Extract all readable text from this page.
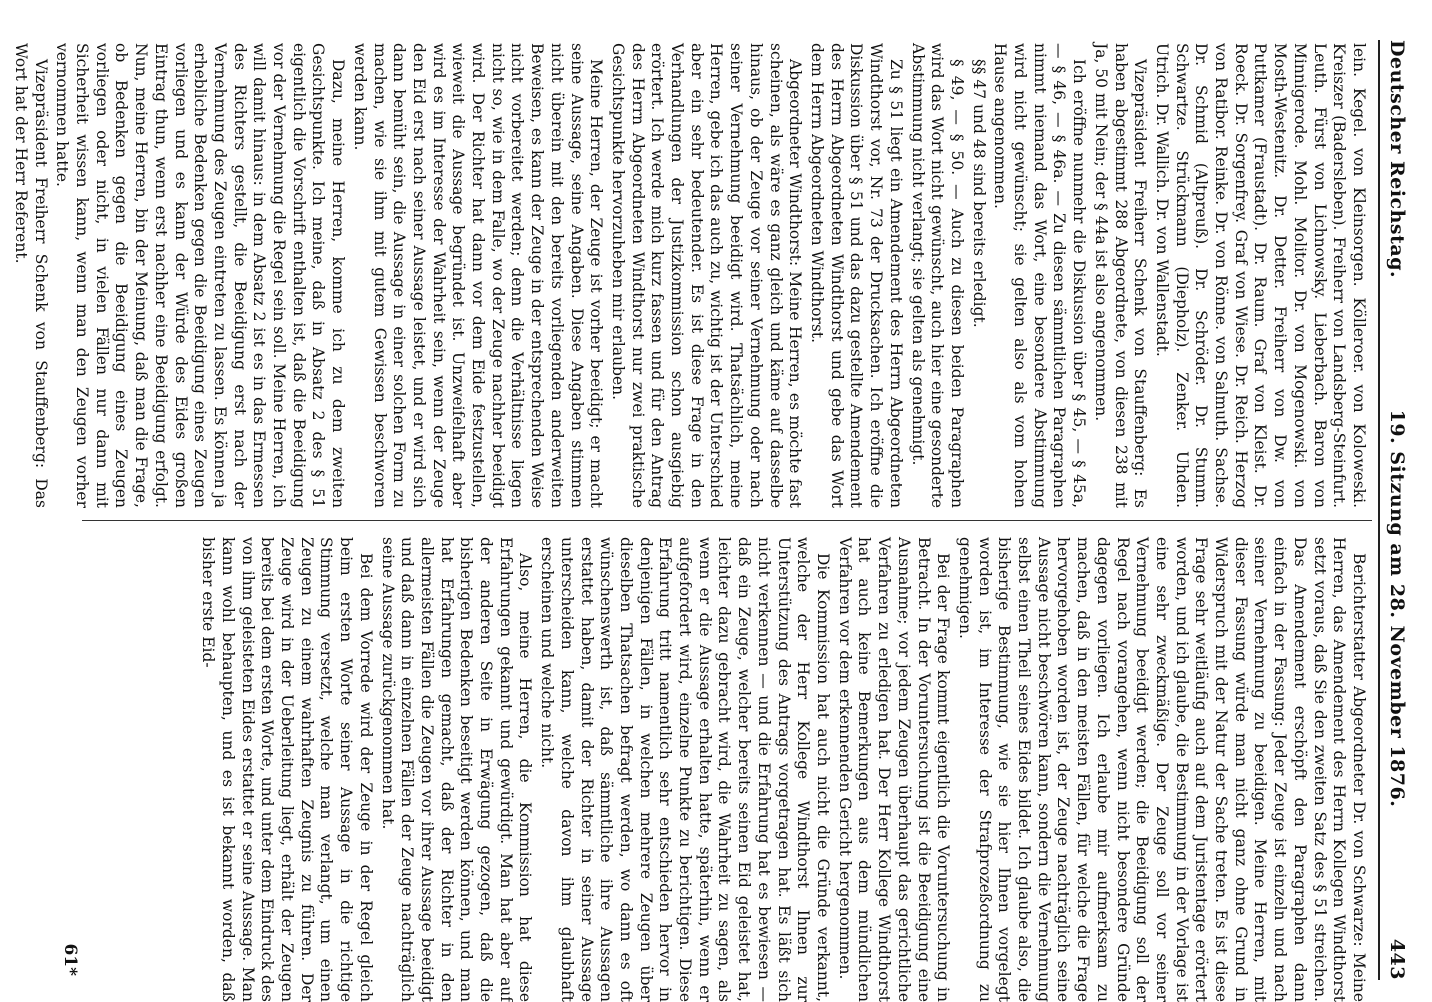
Deutscher Reichstag.
19. Sitzung am 28. November 1876.
443

lein. Kegel. von Kleinsorgen. Kölleroer. von Koloweski. Kreiszer (Badersleben). Freiherr von Landsberg-Steinfurt. Leuth. Fürst von Lichnowsky. Lieberbach. Baron von Minnigerode. Mohl. Molitor. Dr. von Mogenowski. von Mosth-Westenitz. Dr. Detter. Freiherr von Dw. von Puttkamer (Fraustadt). Dr. Raum. Graf von Kleist. Dr. Roeck. Dr. Sorgenfrey. Graf von Wiese. Dr. Reich. Herzog von Ratibor. Reinke. Dr. von Rönne. von Salmuth. Sachse. Dr. Schmid (Altpreuß). Dr. Schröder. Dr. Stumm. Schwartze. Strückmann (Diepholz). Zenker. Uhden. Utrich. Dr. Wallich. Dr. von Wallenstadt.

Vizepräsident Freiherr Schenk von Stauffenberg: Es haben abgestimmt 288 Abgeordnete, von diesen 238 mit Ja, 50 mit Nein; der § 44a ist also angenommen.

Ich eröffne nunmehr die Diskussion über § 45, — § 45a, — § 46, — § 46a. — Zu diesen sämmtlichen Paragraphen nimmt niemand das Wort, eine besondere Abstimmung wird nicht gewünscht; sie gelten also als vom hohen Hause angenommen.

§§ 47 und 48 sind bereits erledigt.

§ 49, — § 50. — Auch zu diesen beiden Paragraphen wird das Wort nicht gewünscht, auch hier eine gesonderte Abstimmung nicht verlangt; sie gelten als genehmigt.

Zu § 51 liegt ein Amendement des Herrn Abgeordneten Windthorst vor, Nr. 73 der Drucksachen. Ich eröffne die Diskussion über § 51 und das dazu gestellte Amendement des Herrn Abgeordneten Windthorst und gebe das Wort dem Herrn Abgeordneten Windthorst.

Abgeordneter Windthorst: Meine Herren, es möchte fast scheinen, als wäre es ganz gleich und käme auf dasselbe hinaus, ob der Zeuge vor seiner Vernehmung oder nach seiner Vernehmung beeidigt wird. Thatsächlich, meine Herren, gebe ich das auch zu, wichtig ist der Unterschied aber ein sehr bedeutender. Es ist diese Frage in den Verhandlungen der Justizkommission schon ausgiebig erörtert. Ich werde mich kurz fassen und für den Antrag des Herrn Abgeordneten Windthorst nur zwei praktische Gesichtspunkte hervorzuheben mir erlauben.

Meine Herren, der Zeuge ist vorher beeidigt; er macht seine Aussage, seine Angaben. Diese Angaben stimmen nicht überein mit den bereits vorliegenden anderweiten Beweisen, es kann der Zeuge in der entsprechenden Weise nicht vorbereitet werden; denn die Verhältnisse liegen nicht so, wie in dem Falle, wo der Zeuge nachher beeidigt wird. Der Richter hat dann vor dem Eide festzustellen, wieweit die Aussage begründet ist. Unzweifelhaft aber wird es im Interesse der Wahrheit sein, wenn der Zeuge den Eid erst nach seiner Aussage leistet, und er wird sich dann bemüht sein, die Aussage in einer solchen Form zu machen, wie sie ihm mit gutem Gewissen beschworen werden kann.

Dazu, meine Herren, komme ich zu dem zweiten Gesichtspunkte. Ich meine, daß in Absatz 2 des § 51 eigentlich die Vorschrift enthalten ist, daß die Beeidigung vor der Vernehmung die Regel sein soll. Meine Herren, ich will damit hinaus: in dem Absatz 2 ist es in das Ermessen des Richters gestellt, die Beeidigung erst nach der Vernehmung des Zeugen eintreten zu lassen. Es können ja erhebliche Bedenken gegen die Beeidigung eines Zeugen vorliegen und es kann der Würde des Eides großen Eintrag thun, wenn erst nachher eine Beeidigung erfolgt. Nun, meine Herren, bin der Meinung, daß man die Frage, ob Bedenken gegen die Beeidigung eines Zeugen vorliegen oder nicht, in vielen Fällen nur dann mit Sicherheit wissen kann, wenn man den Zeugen vorher vernommen hatte.

Vizepräsident Freiherr Schenk von Stauffenberg: Das Wort hat der Herr Referent.

Berichterstatter Abgeordneter Dr. von Schwarze: Meine Herren, das Amendement des Herrn Kollegen Windthorst setzt voraus, daß Sie den zweiten Satz des § 51 streichen. Das Amendement erschöpft den Paragraphen dann einfach in der Fassung: Jeder Zeuge ist einzeln und nach seiner Vernehmung zu beeidigen. Meine Herren, mit dieser Fassung würde man nicht ganz ohne Grund in Widerspruch mit der Natur der Sache treten. Es ist diese Frage sehr weitläufig auch auf dem Juristentage erörtert worden, und ich glaube, die Bestimmung in der Vorlage ist eine sehr zweckmäßige. Der Zeuge soll vor seiner Vernehmung beeidigt werden; die Beeidigung soll der Regel nach vorangehen, wenn nicht besondere Gründe dagegen vorliegen. Ich erlaube mir aufmerksam zu machen, daß in den meisten Fällen, für welche die Frage hervorgehoben worden ist, der Zeuge nachträglich seine Aussage nicht beschwören kann, sondern die Vernehmung selbst einen Theil seines Eides bildet. Ich glaube also, die bisherige Bestimmung, wie sie hier Ihnen vorgelegt worden ist, im Interesse der Strafprozeßordnung zu genehmigen.

Bei der Frage kommt eigentlich die Voruntersuchung in Betracht. In der Voruntersuchung ist die Beeidigung eine Ausnahme; vor jedem Zeugen überhaupt das gerichtliche Verfahren zu erledigen hat. Der Herr Kollege Windthorst hat auch keine Bemerkungen aus dem mündlichen Verfahren vor dem erkennenden Gericht hergenommen.

Die Kommission hat auch nicht die Gründe verkannt, welche der Herr Kollege Windthorst Ihnen zur Unterstützung des Antrags vorgetragen hat. Es läßt sich nicht verkennen — und die Erfahrung hat es bewiesen — daß ein Zeuge, welcher bereits seinen Eid geleistet hat, leichter dazu gebracht wird, die Wahrheit zu sagen, als wenn er die Aussage erhalten hatte, späterhin, wenn er aufgefordert wird, einzelne Punkte zu berichtigen. Diese Erfahrung tritt namentlich sehr entschieden hervor in denjenigen Fällen, in welchen mehrere Zeugen über dieselben Thatsachen befragt werden, wo dann es oft wünschenswerth ist, daß sämmtliche ihre Aussagen erstattet haben, damit der Richter in seiner Aussage unterscheiden kann, welche davon ihm glaubhaft erscheinen und welche nicht.

Also, meine Herren, die Kommission hat diese Erfahrungen gekannt und gewürdigt. Man hat aber auf der anderen Seite in Erwägung gezogen, daß die bisherigen Bedenken beseitigt werden können, und man hat Erfahrungen gemacht, daß der Richter in den allermeisten Fällen die Zeugen vor ihrer Aussage beeidigt und daß dann in einzelnen Fällen der Zeuge nachträglich seine Aussage zurückgenommen hat.

Bei dem Vorrede wird der Zeuge in der Regel gleich beim ersten Worte seiner Aussage in die richtige Stimmung versetzt, welche man verlangt, um einen Zeugen zu einem wahrhaften Zeugnis zu führen. Der Zeuge wird in der Ueberleitung liegt, erhält der Zeugen bereits bei dem ersten Worte, und unter dem Eindruck des von ihm geleisteten Eides erstattet er seine Aussage. Man kann wohl behaupten, und es ist bekannt worden, daß bisher erste Eid-

61*
